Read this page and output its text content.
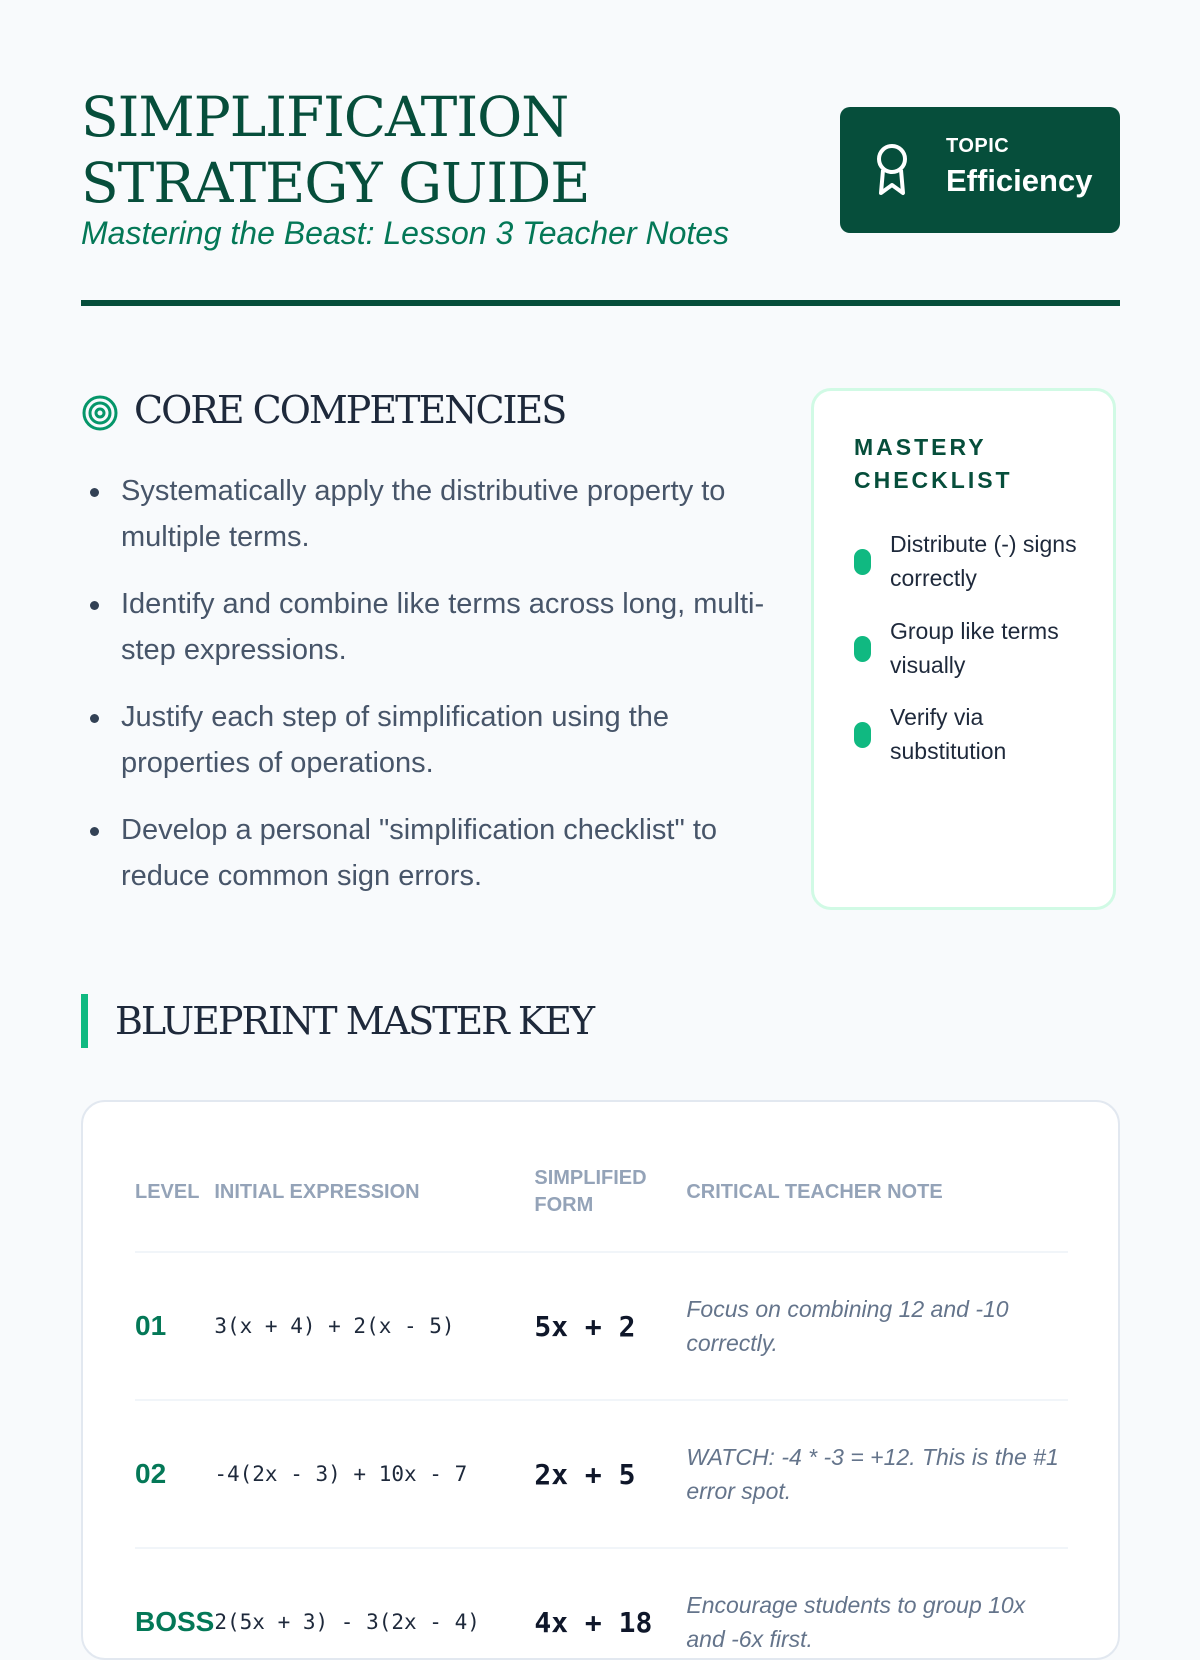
SIMPLIFICATION STRATEGY GUIDE
Mastering the Beast: Lesson 3 Teacher Notes
TOPIC
Efficiency
CORE COMPETENCIES
Systematically apply the distributive property to multiple terms.
Identify and combine like terms across long, multi-step expressions.
Justify each step of simplification using the properties of operations.
Develop a personal "simplification checklist" to reduce common sign errors.
MASTERY CHECKLIST
Distribute (-) signs correctly
Group like terms visually
Verify via substitution
BLUEPRINT MASTER KEY
LEVEL	INITIAL EXPRESSION	SIMPLIFIED FORM	CRITICAL TEACHER NOTE
01	3(x + 4) + 2(x - 5)	5x + 2	Focus on combining 12 and -10 correctly.
02	-4(2x - 3) + 10x - 7	2x + 5	WATCH: -4 * -3 = +12. This is the #1 error spot.
BOSS	2(5x + 3) - 3(2x - 4)	4x + 18	Encourage students to group 10x and -6x first.
